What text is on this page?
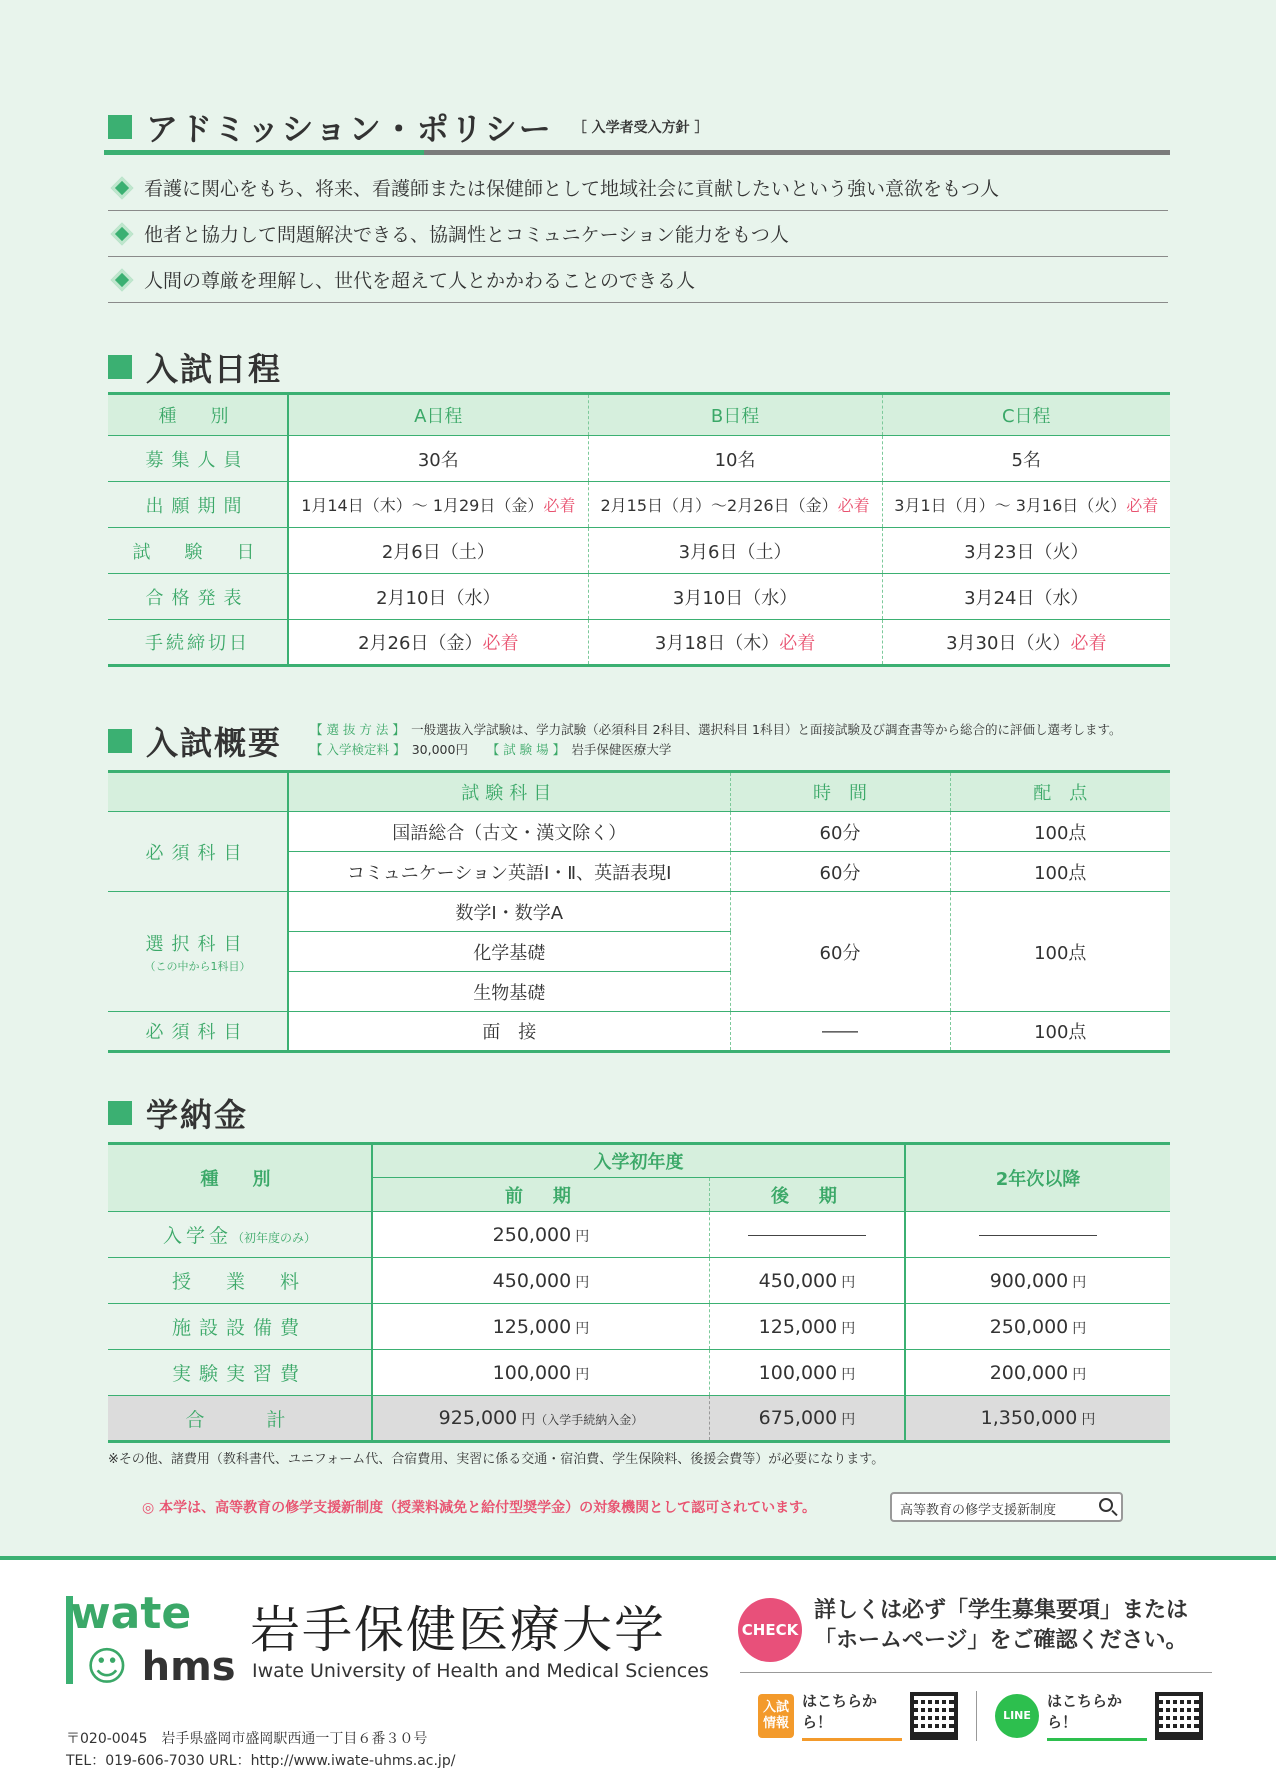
アドミッション・ポリシー ［ 入学者受入方針 ］
看護に関心をもち、将来、看護師または保健師として地域社会に貢献したいという強い意欲をもつ人
他者と協力して問題解決できる、協調性とコミュニケーション能力をもつ人
人間の尊厳を理解し、世代を超えて人とかかわることのできる人
入試日程
種　別	A日程	B日程	C日程
募集人員	30名	10名	5名
出願期間	1月14日（木）～ 1月29日（金）必着	2月15日（月）～2月26日（金）必着	3月1日（月）～ 3月16日（火）必着
試　験　日	2月6日（土）	3月6日（土）	3月23日（火）
合格発表	2月10日（水）	3月10日（水）	3月24日（水）
手続締切日	2月26日（金）必着	3月18日（木）必着	3月30日（火）必着
入試概要 【 選 抜 方 法 】　 一般選抜入学試験は、学力試験（必須科目 2科目、選択科目 1科目）と面接試験及び調査書等から総合的に評価し選考します。
【 入学検定料 】　 30,000円　　 【 試 験 場 】　 岩手保健医療大学
	試験科目	時　間	配　点
必須科目	国語総合（古文・漢文除く）	60分	100点
	コミュニケーション英語Ⅰ・Ⅱ、英語表現Ⅰ	60分	100点
選択科目
（この中から1科目）	数学Ⅰ・数学A	60分	100点
	化学基礎		
	生物基礎		
必須科目	面　接	――	100点
学納金
種　別	入学初年度		2年次以降
	前　期	後　期	
入学金（初年度のみ）	250,000 円		
授　業　料	450,000 円	450,000 円	900,000 円
施設設備費	125,000 円	125,000 円	250,000 円
実験実習費	100,000 円	100,000 円	200,000 円
合　　計	925,000 円（入学手続納入金）	675,000 円	1,350,000 円
※その他、諸費用（教科書代、ユニフォーム代、合宿費用、実習に係る交通・宿泊費、学生保険料、後援会費等）が必要になります。
◎ 本学は、高等教育の修学支援新制度（授業料減免と給付型奨学金）の対象機関として認可されています。	高等教育の修学支援新制度
wate
☺ hms
岩手保健医療大学
Iwate University of Health and Medical Sciences
〒020-0045　岩手県盛岡市盛岡駅西通一丁目６番３０号
TEL：019-606-7030 URL：http://www.iwate-uhms.ac.jp/
CHECK
詳しくは必ず「学生募集要項」または
「ホームページ」をご確認ください。
入試情報
はこちらから！	LINE
はこちらから！
